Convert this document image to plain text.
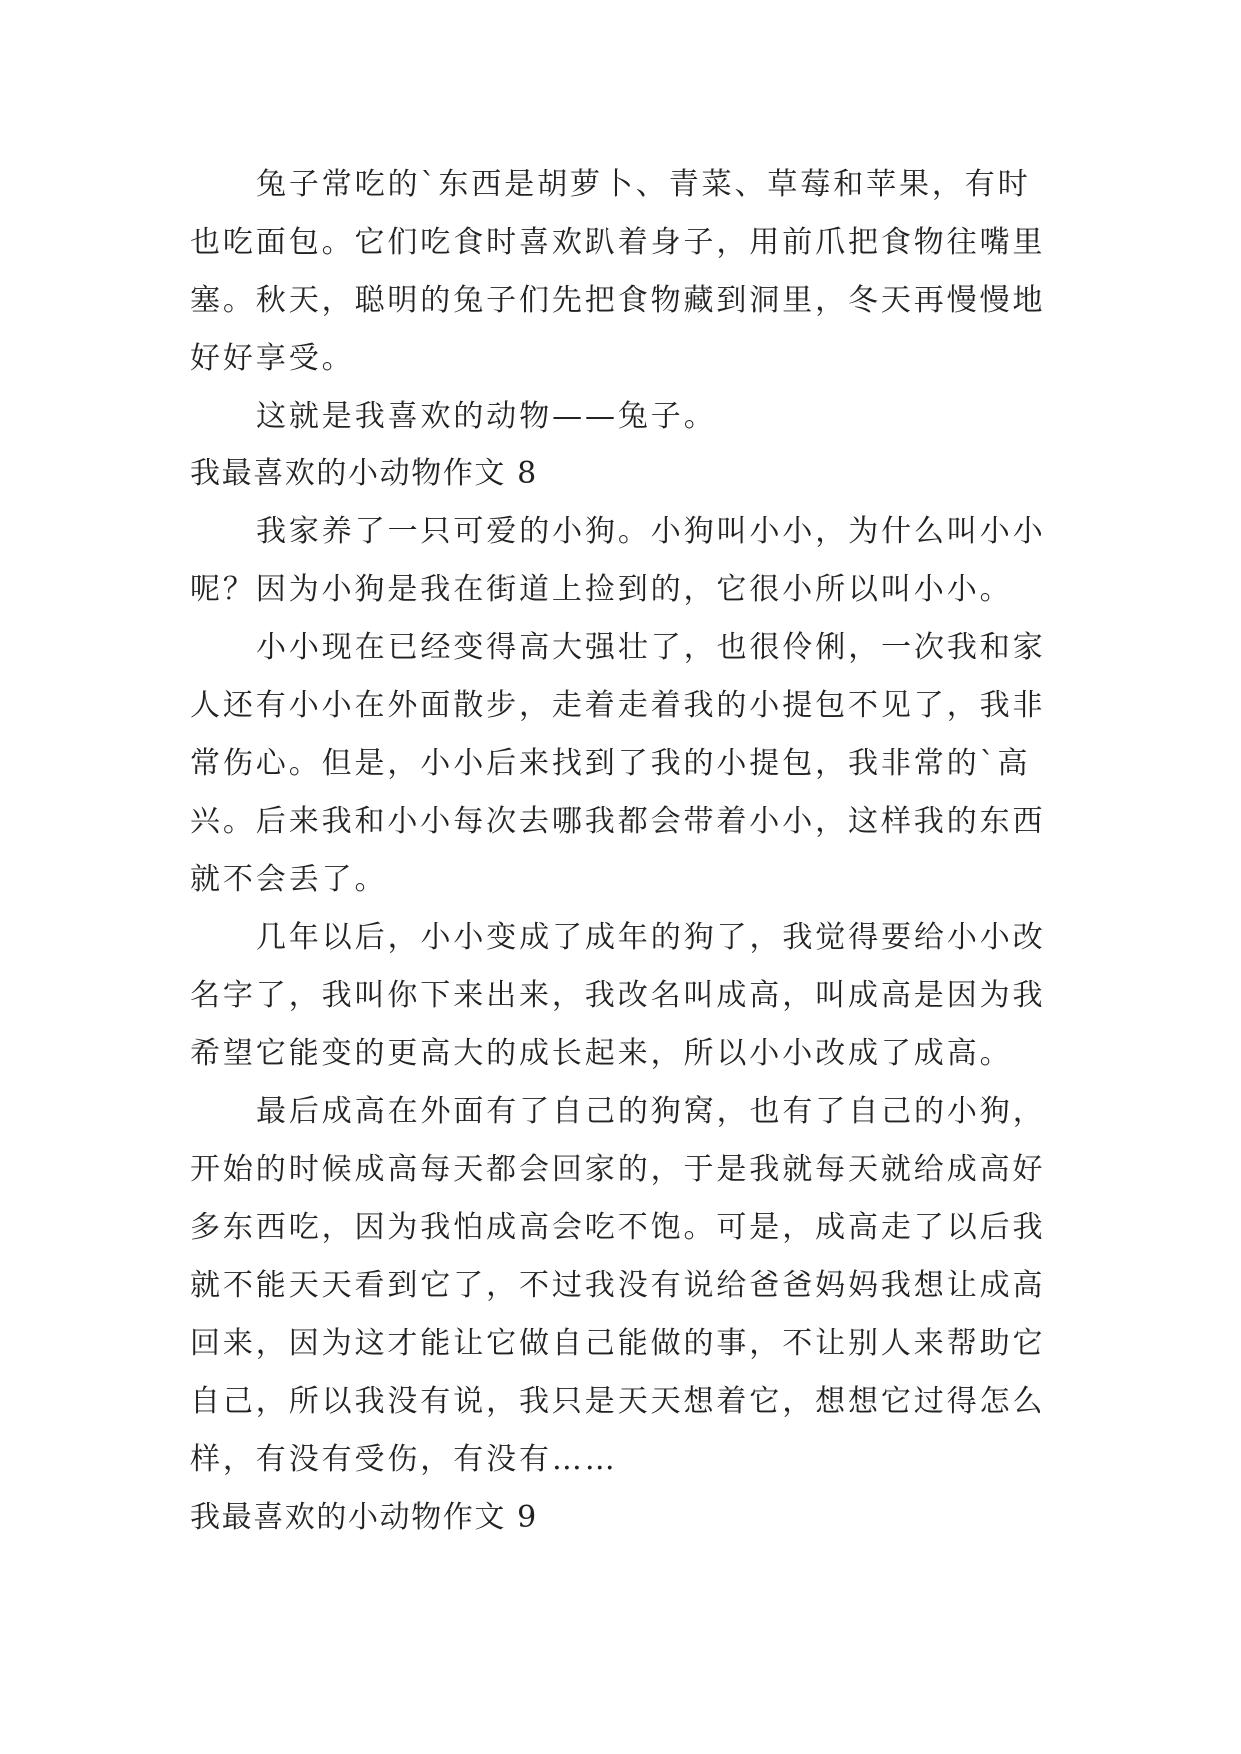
兔子常吃的`东西是胡萝卜、青菜、草莓和苹果，有时
也吃面包。它们吃食时喜欢趴着身子，用前爪把食物往嘴里
塞。秋天，聪明的兔子们先把食物藏到洞里，冬天再慢慢地
好好享受。
这就是我喜欢的动物——兔子。
我最喜欢的小动物作文 8
我家养了一只可爱的小狗。小狗叫小小，为什么叫小小
呢？因为小狗是我在街道上捡到的，它很小所以叫小小。
小小现在已经变得高大强壮了，也很伶俐，一次我和家
人还有小小在外面散步，走着走着我的小提包不见了，我非
常伤心。但是，小小后来找到了我的小提包，我非常的`高
兴。后来我和小小每次去哪我都会带着小小，这样我的东西
就不会丢了。
几年以后，小小变成了成年的狗了，我觉得要给小小改
名字了，我叫你下来出来，我改名叫成高，叫成高是因为我
希望它能变的更高大的成长起来，所以小小改成了成高。
最后成高在外面有了自己的狗窝，也有了自己的小狗，
开始的时候成高每天都会回家的，于是我就每天就给成高好
多东西吃，因为我怕成高会吃不饱。可是，成高走了以后我
就不能天天看到它了，不过我没有说给爸爸妈妈我想让成高
回来，因为这才能让它做自己能做的事，不让别人来帮助它
自己，所以我没有说，我只是天天想着它，想想它过得怎么
样，有没有受伤，有没有……
我最喜欢的小动物作文 9
